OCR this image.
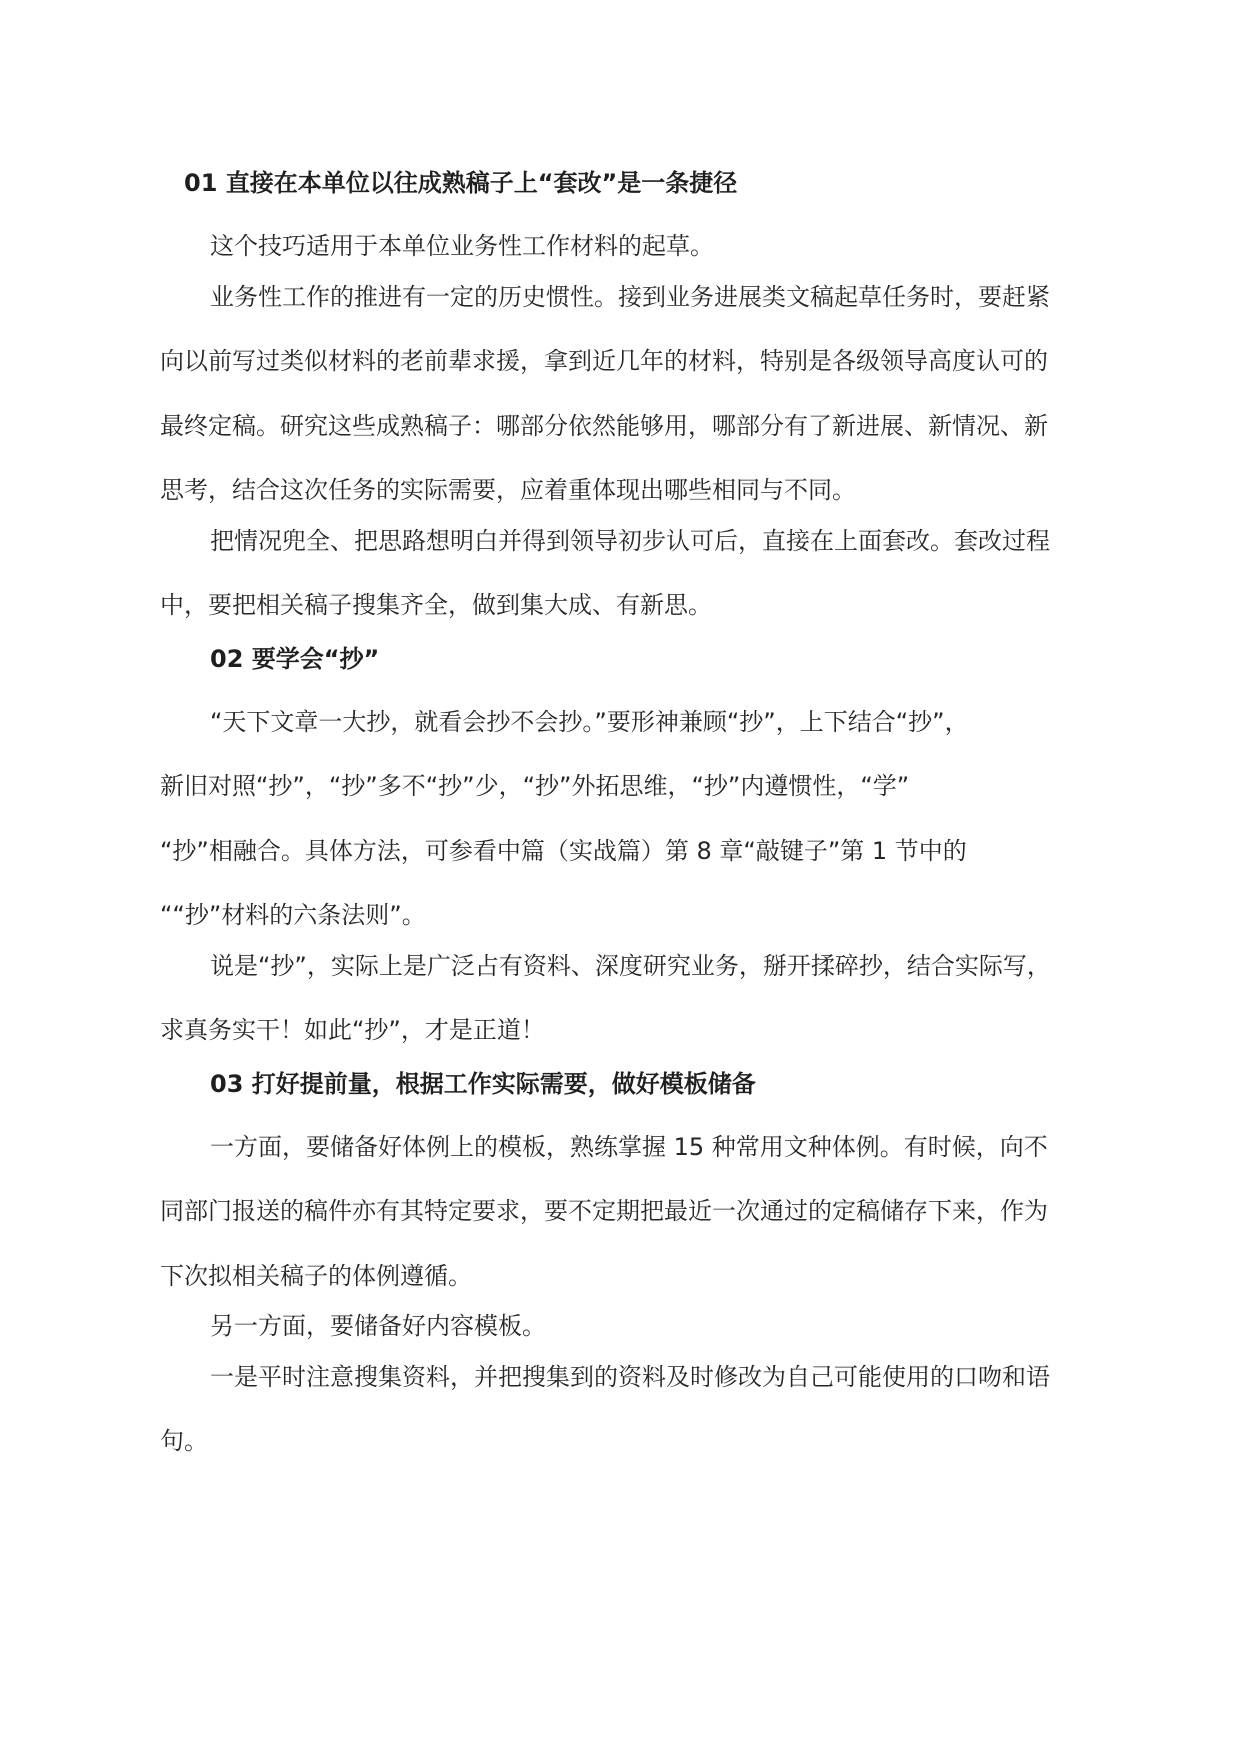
01 直接在本单位以往成熟稿子上“套改”是一条捷径
这个技巧适用于本单位业务性工作材料的起草。
业务性工作的推进有一定的历史惯性。接到业务进展类文稿起草任务时，要赶紧
向以前写过类似材料的老前辈求援，拿到近几年的材料，特别是各级领导高度认可的
最终定稿。研究这些成熟稿子：哪部分依然能够用，哪部分有了新进展、新情况、新
思考，结合这次任务的实际需要，应着重体现出哪些相同与不同。
把情况兜全、把思路想明白并得到领导初步认可后，直接在上面套改。套改过程
中，要把相关稿子搜集齐全，做到集大成、有新思。
02 要学会“抄”
“天下文章一大抄，就看会抄不会抄。”要形神兼顾“抄”，上下结合“抄”，
新旧对照“抄”，“抄”多不“抄”少，“抄”外拓思维，“抄”内遵惯性，“学”
“抄”相融合。具体方法，可参看中篇（实战篇）第 8 章“敲键子”第 1 节中的
““抄”材料的六条法则”。
说是“抄”，实际上是广泛占有资料、深度研究业务，掰开揉碎抄，结合实际写，
求真务实干！如此“抄”，才是正道！
03 打好提前量，根据工作实际需要，做好模板储备
一方面，要储备好体例上的模板，熟练掌握 15 种常用文种体例。有时候，向不
同部门报送的稿件亦有其特定要求，要不定期把最近一次通过的定稿储存下来，作为
下次拟相关稿子的体例遵循。
另一方面，要储备好内容模板。
一是平时注意搜集资料，并把搜集到的资料及时修改为自己可能使用的口吻和语
句。
